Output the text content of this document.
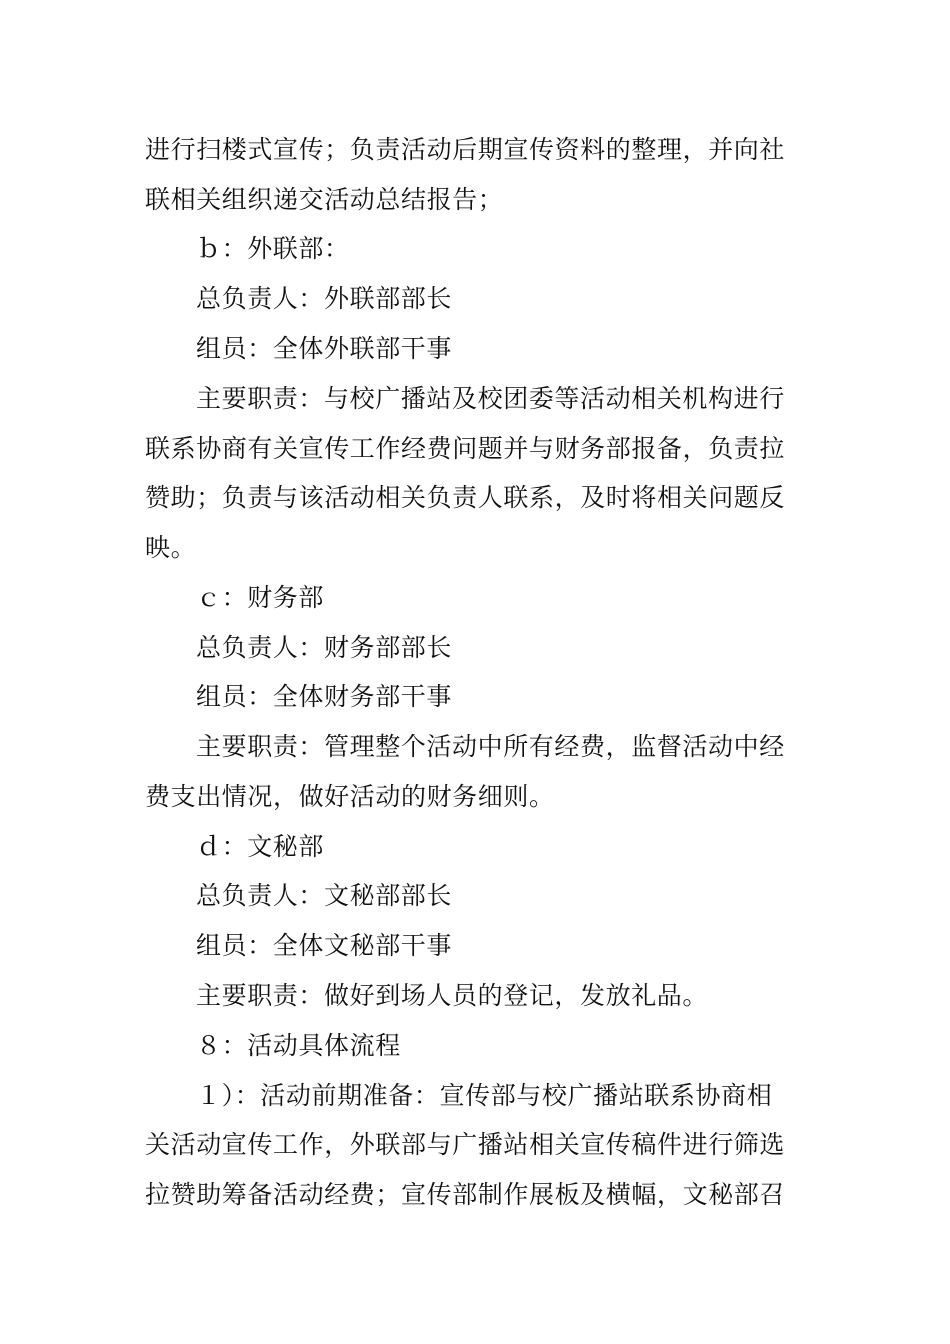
进行扫楼式宣传；负责活动后期宣传资料的整理，并向社
联相关组织递交活动总结报告；
ｂ：外联部：
总负责人：外联部部长
组员：全体外联部干事
主要职责：与校广播站及校团委等活动相关机构进行
联系协商有关宣传工作经费问题并与财务部报备，负责拉
赞助；负责与该活动相关负责人联系，及时将相关问题反
映。
ｃ：财务部
总负责人：财务部部长
组员：全体财务部干事
主要职责：管理整个活动中所有经费，监督活动中经
费支出情况，做好活动的财务细则。
ｄ：文秘部
总负责人：文秘部部长
组员：全体文秘部干事
主要职责：做好到场人员的登记，发放礼品。
８：活动具体流程
１）：活动前期准备：宣传部与校广播站联系协商相
关活动宣传工作，外联部与广播站相关宣传稿件进行筛选
拉赞助筹备活动经费；宣传部制作展板及横幅，文秘部召
